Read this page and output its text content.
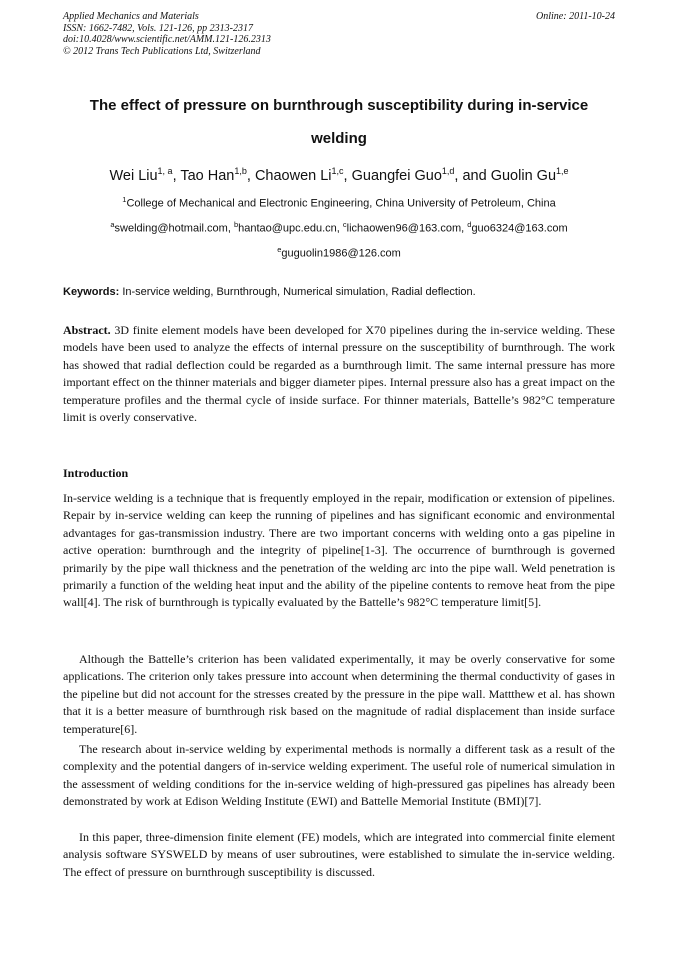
Applied Mechanics and Materials
ISSN: 1662-7482, Vols. 121-126, pp 2313-2317
doi:10.4028/www.scientific.net/AMM.121-126.2313
© 2012 Trans Tech Publications Ltd, Switzerland
Online: 2011-10-24
The effect of pressure on burnthrough susceptibility during in-service welding
Wei Liu$^{1, a}$, Tao Han$^{1,b}$, Chaowen Li$^{1,c}$, Guangfei Guo$^{1,d}$, and Guolin Gu$^{1,e}$
$^1$College of Mechanical and Electronic Engineering, China University of Petroleum, China
$^a$swelding@hotmail.com, $^b$hantao@upc.edu.cn, $^c$lichaowen96@163.com, $^d$guo6324@163.com
$^e$guguolin1986@126.com
Keywords: In-service welding, Burnthrough, Numerical simulation, Radial deflection.

Abstract. 3D finite element models have been developed for X70 pipelines during the in-service welding. These models have been used to analyze the effects of internal pressure on the susceptibility of burnthrough. The work has showed that radial deflection could be regarded as a burnthrough limit. The same internal pressure has more important effect on the thinner materials and bigger diameter pipes. Internal pressure also has a great impact on the temperature profiles and the thermal cycle of inside surface. For thinner materials, Battelle’s 982°C temperature limit is overly conservative.

Introduction

In-service welding is a technique that is frequently employed in the repair, modification or extension of pipelines. Repair by in-service welding can keep the running of pipelines and has significant economic and environmental advantages for gas-transmission industry. There are two important concerns with welding onto a gas pipeline in active operation: burnthrough and the integrity of pipeline[1-3]. The occurrence of burnthrough is governed primarily by the pipe wall thickness and the penetration of the welding arc into the pipe wall. Weld penetration is primarily a function of the welding heat input and the ability of the pipeline contents to remove heat from the pipe wall[4]. The risk of burnthrough is typically evaluated by the Battelle’s 982°C temperature limit[5].

Although the Battelle’s criterion has been validated experimentally, it may be overly conservative for some applications. The criterion only takes pressure into account when determining the thermal conductivity of gases in the pipeline but did not account for the stresses created by the pressure in the pipe wall. Mattthew et al. has shown that it is a better measure of burnthrough risk based on the magnitude of radial displacement than inside surface temperature[6].

The research about in-service welding by experimental methods is normally a different task as a result of the complexity and the potential dangers of in-service welding experiment. The useful role of numerical simulation in the assessment of welding conditions for the in-service welding of high-pressured gas pipelines has already been demonstrated by work at Edison Welding Institute (EWI) and Battelle Memorial Institute (BMI)[7].

In this paper, three-dimension finite element (FE) models, which are integrated into commercial finite element analysis software SYSWELD by means of user subroutines, were established to simulate the in-service welding. The effect of pressure on burnthrough susceptibility is discussed.
